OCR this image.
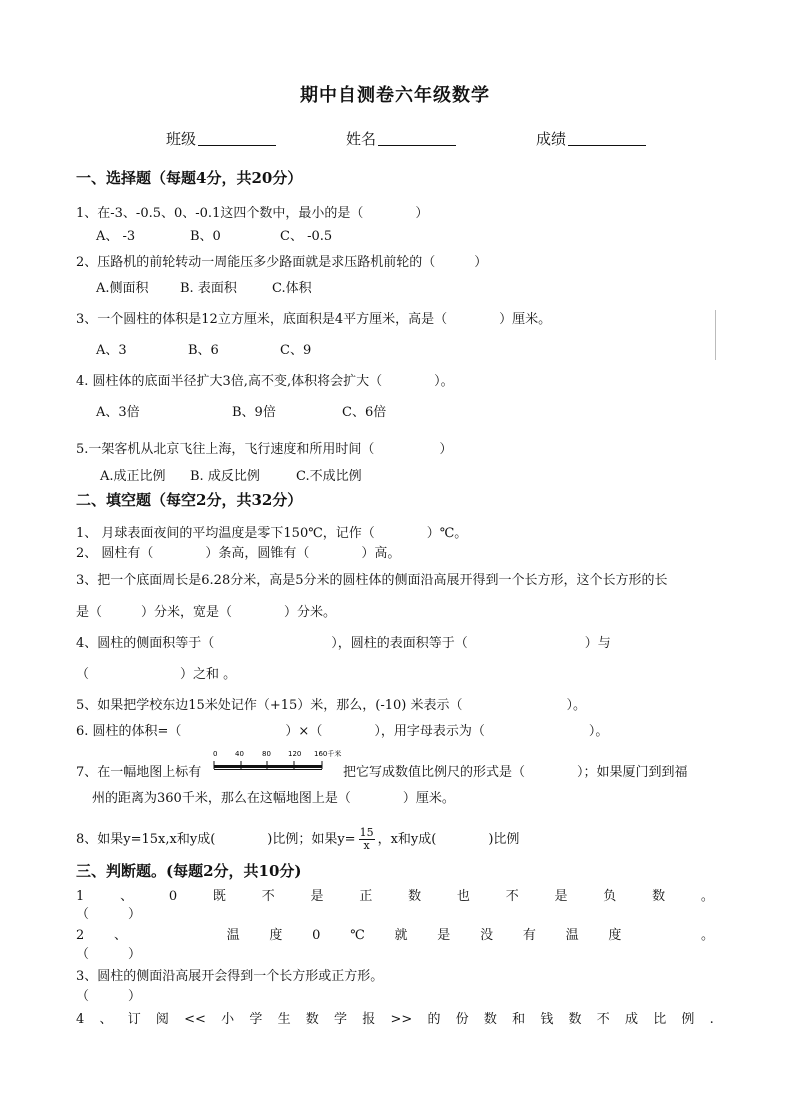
期中自测卷六年级数学
班级	姓名	成绩
一、选择题（每题4分，共20分）
1、在-3、-0.5、0、-0.1这四个数中，最小的是（　　　　）
A、 -3	B、0	C、 -0.5
2、压路机的前轮转动一周能压多少路面就是求压路机前轮的（　　　）
A.侧面积 B. 表面积	C.体积
3、一个圆柱的体积是12立方厘米，底面积是4平方厘米，高是（　　　　）厘米。
A、3	B、6	C、9
4. 圆柱体的底面半径扩大3倍,高不变,体积将会扩大（　　　　）。
A、3倍	B、9倍	C、6倍
5.一架客机从北京飞往上海，飞行速度和所用时间（　　　　　）
A.成正比例 B. 成反比例	C.不成比例
二、填空题（每空2分，共32分）
1、 月球表面夜间的平均温度是零下150℃，记作（　　　　）℃。
2、 圆柱有（　　　　）条高，圆锥有（　　　　）高。
3、把一个底面周长是6.28分米，高是5分米的圆柱体的侧面沿高展开得到一个长方形，这个长方形的长
是（　　　）分米，宽是（　　　　）分米。
4、圆柱的侧面积等于（　　　　　　　　　），圆柱的表面积等于（　　　　　　　　　）与
（　　　　　　　）之和 。
5、如果把学校东边15米处记作（+15）米，那么，(-10) 米表示（　　　　　　　　）。
6. 圆柱的体积=（　　　　　　　　）×（　　　　），用字母表示为（　　　　　　　　）。
7、在一幅地图上标有
0	40	80 120 160千米
把它写成数值比例尺的形式是（　　　　）；如果厦门到到福
州的距离为360千米，那么在这幅地图上是（　　　　）厘米。
8、如果y=15x,x和y成(　　　　)比例；如果$y= \frac{15}{x}$ ，x和y成(　　　　)比例
三、判断题。(每题2分，共10分)
1	、	0	既	不	是	正	数	也	不	是	负	数	。
（　　　）
2 、	温 度 0 ℃ 就 是 没 有 温 度	。
（　　　）
3、圆柱的侧面沿高展开会得到一个长方形或正方形。
（　　　）
4 、 订 阅 << 小 学 生 数 学 报 >> 的 份 数 和 钱 数 不 成 比 例 .
